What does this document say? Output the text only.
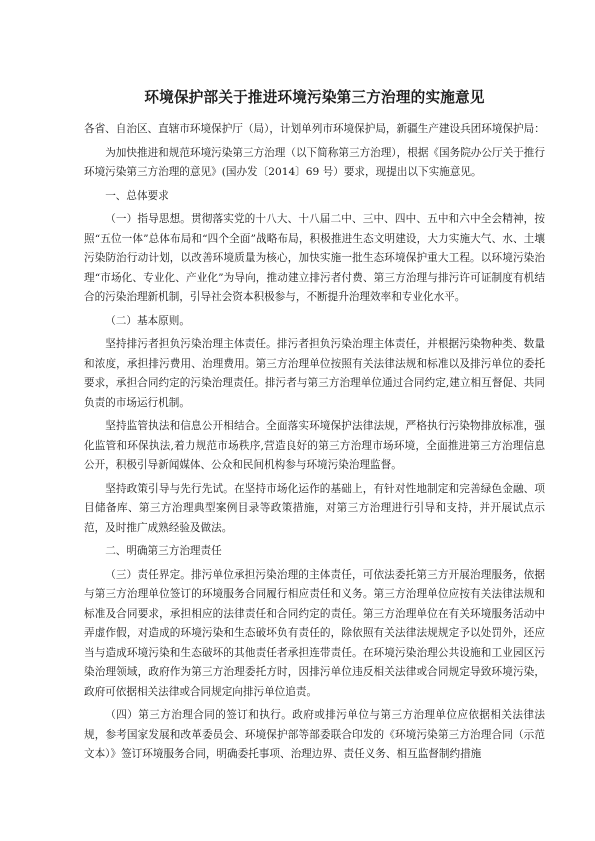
环境保护部关于推进环境污染第三方治理的实施意见

各省、自治区、直辖市环境保护厅（局），计划单列市环境保护局，新疆生产建设兵团环境保护局：

为加快推进和规范环境污染第三方治理（以下简称第三方治理），根据《国务院办公厅关于推行环境污染第三方治理的意见》(国办发〔2014〕69 号）要求，现提出以下实施意见。

一、总体要求

（一）指导思想。贯彻落实党的十八大、十八届二中、三中、四中、五中和六中全会精神，按照“五位一体”总体布局和“四个全面”战略布局，积极推进生态文明建设，大力实施大气、水、土壤污染防治行动计划，以改善环境质量为核心，加快实施一批生态环境保护重大工程。以环境污染治理“市场化、专业化、产业化”为导向，推动建立排污者付费、第三方治理与排污许可证制度有机结合的污染治理新机制，引导社会资本积极参与，不断提升治理效率和专业化水平。

（二）基本原则。

坚持排污者担负污染治理主体责任。排污者担负污染治理主体责任，并根据污染物种类、数量和浓度，承担排污费用、治理费用。第三方治理单位按照有关法律法规和标准以及排污单位的委托要求，承担合同约定的污染治理责任。排污者与第三方治理单位通过合同约定,建立相互督促、共同负责的市场运行机制。

坚持监管执法和信息公开相结合。全面落实环境保护法律法规，严格执行污染物排放标准，强化监管和环保执法,着力规范市场秩序,营造良好的第三方治理市场环境，全面推进第三方治理信息公开，积极引导新闻媒体、公众和民间机构参与环境污染治理监督。

坚持政策引导与先行先试。在坚持市场化运作的基础上，有针对性地制定和完善绿色金融、项目储备库、第三方治理典型案例目录等政策措施，对第三方治理进行引导和支持，并开展试点示范，及时推广成熟经验及做法。

二、明确第三方治理责任

（三）责任界定。排污单位承担污染治理的主体责任，可依法委托第三方开展治理服务，依据与第三方治理单位签订的环境服务合同履行相应责任和义务。第三方治理单位应按有关法律法规和标准及合同要求，承担相应的法律责任和合同约定的责任。第三方治理单位在有关环境服务活动中弄虚作假，对造成的环境污染和生态破坏负有责任的，除依照有关法律法规规定予以处罚外，还应当与造成环境污染和生态破坏的其他责任者承担连带责任。在环境污染治理公共设施和工业园区污染治理领域，政府作为第三方治理委托方时，因排污单位违反相关法律或合同规定导致环境污染，政府可依据相关法律或合同规定向排污单位追责。

（四）第三方治理合同的签订和执行。政府或排污单位与第三方治理单位应依据相关法律法规，参考国家发展和改革委员会、环境保护部等部委联合印发的《环境污染第三方治理合同（示范文本）》签订环境服务合同，明确委托事项、治理边界、责任义务、相互监督制约措施
